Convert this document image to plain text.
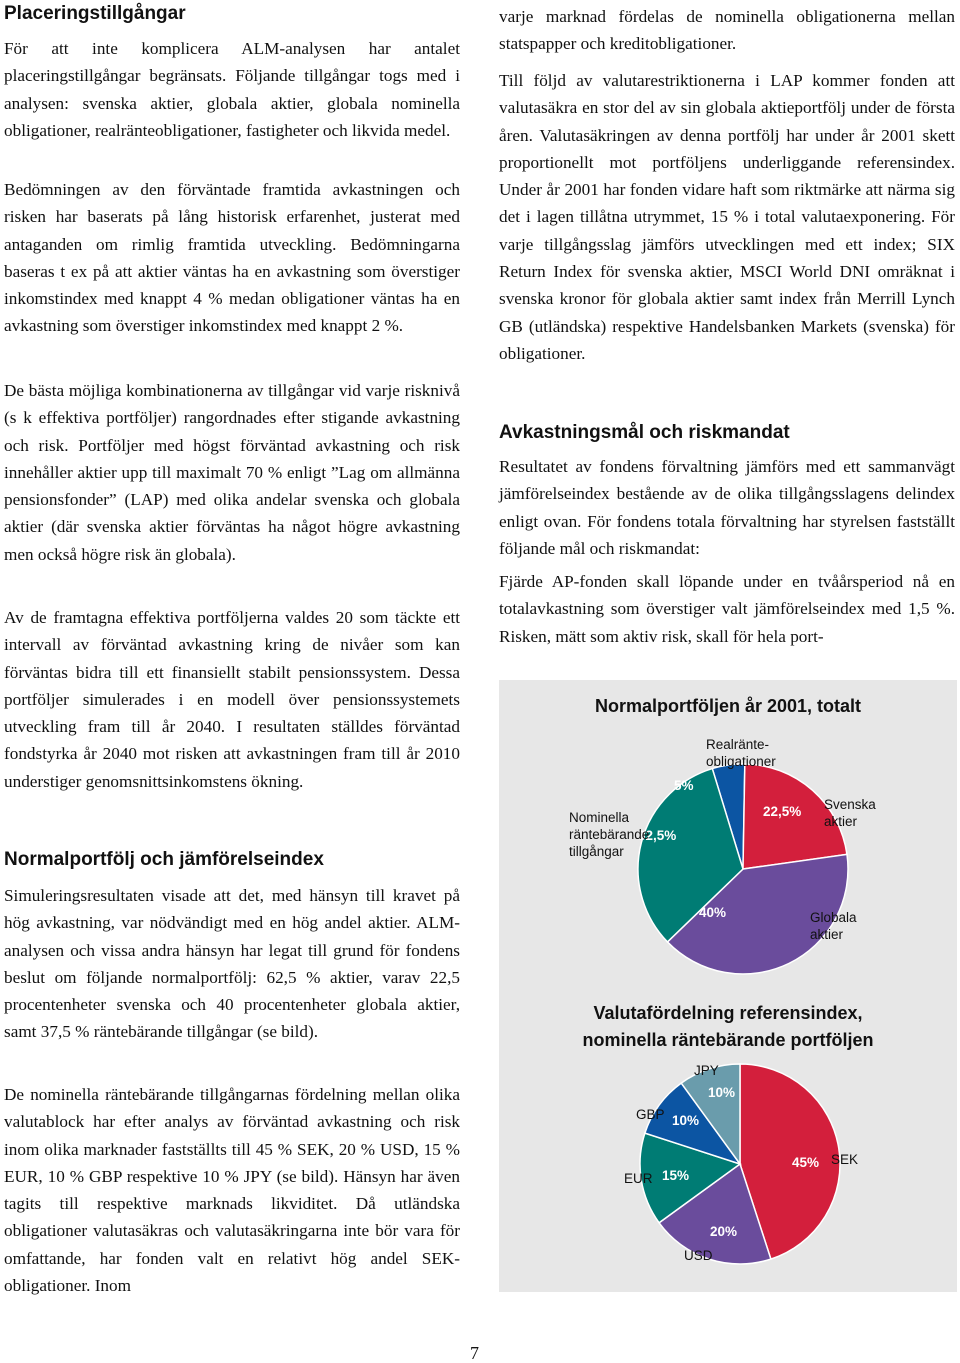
Placeringstillgångar

För att inte komplicera ALM-analysen har antalet placeringstillgångar begränsats. Följande tillgångar togs med i analysen: svenska aktier, globala aktier, globala nominella obligationer, realränteobligationer, fastigheter och likvida medel.

Bedömningen av den förväntade framtida avkastningen och risken har baserats på lång historisk erfarenhet, justerat med antaganden om rimlig framtida utveckling. Bedömningarna baseras t ex på att aktier väntas ha en avkastning som överstiger inkomstindex med knappt 4 % medan obligationer väntas ha en avkastning som överstiger inkomstindex med knappt 2 %.

De bästa möjliga kombinationerna av tillgångar vid varje risknivå (s k effektiva portföljer) rangordnades efter stigande avkastning och risk. Portföljer med högst förväntad avkastning och risk innehåller aktier upp till maximalt 70 % enligt ”Lag om allmänna pensionsfonder” (LAP) med olika andelar svenska och globala aktier (där svenska aktier förväntas ha något högre avkastning men också högre risk än globala).

Av de framtagna effektiva portföljerna valdes 20 som täckte ett intervall av förväntad avkastning kring de nivåer som kan förväntas bidra till ett finansiellt stabilt pensionssystem. Dessa portföljer simulerades i en modell över pensionssystemets utveckling fram till år 2040. I resultaten ställdes förväntad fondstyrka år 2040 mot risken att avkastningen fram till år 2010 understiger genomsnittsinkomstens ökning.

Normalportfölj och jämförelseindex

Simuleringsresultaten visade att det, med hänsyn till kravet på hög avkastning, var nödvändigt med en hög andel aktier. ALM-analysen och vissa andra hänsyn har legat till grund för fondens beslut om följande normalportfölj: 62,5 % aktier, varav 22,5 procentenheter svenska och 40 procentenheter globala aktier, samt 37,5 % räntebärande tillgångar (se bild).

De nominella räntebärande tillgångarnas fördelning mellan olika valutablock har efter analys av förväntad avkastning och risk inom olika marknader fastställts till 45 % SEK, 20 % USD, 15 % EUR, 10 % GBP respektive 10 % JPY (se bild). Hänsyn har även tagits till respektive marknads likviditet. Då utländska obligationer valutasäkras och valutasäkringarna inte bör vara för omfattande, har fonden valt en relativt hög andel SEK-obligationer. Inom

varje marknad fördelas de nominella obligationerna mellan statspapper och kreditobligationer.

Till följd av valutarestriktionerna i LAP kommer fonden att valutasäkra en stor del av sin globala aktieportfölj under de första åren. Valutasäkringen av denna portfölj har under år 2001 skett proportionellt mot portföljens underliggande referensindex. Under år 2001 har fonden vidare haft som riktmärke att närma sig det i lagen tillåtna utrymmet, 15 % i total valutaexponering. För varje tillgångsslag jämförs utvecklingen med ett index; SIX Return Index för svenska aktier, MSCI World DNI omräknat i svenska kronor för globala aktier samt index från Merrill Lynch GB (utländska) respektive Handelsbanken Markets (svenska) för obligationer.

Avkastningsmål och riskmandat

Resultatet av fondens förvaltning jämförs med ett sammanvägt jämförelseindex bestående av de olika tillgångsslagens delindex enligt ovan. För fondens totala förvaltning har styrelsen fastställt följande mål och riskmandat:

Fjärde AP-fonden skall löpande under en tvåårsperiod nå en totalavkastning som överstiger valt jämförelseindex med 1,5 %. Risken, mätt som aktiv risk, skall för hela port-

Normalportföljen år 2001, totalt
Valutafördelning referensindex,
nominella räntebärande portföljen
22,5% Svenska
aktier
40%	Globala
aktier
32,5%
Nominella
räntebärande
tillgångar
5%
Realränte-
obligationer
45% SEK
20%
USD
15%
EUR
10%
GBP
10%
JPY
7
